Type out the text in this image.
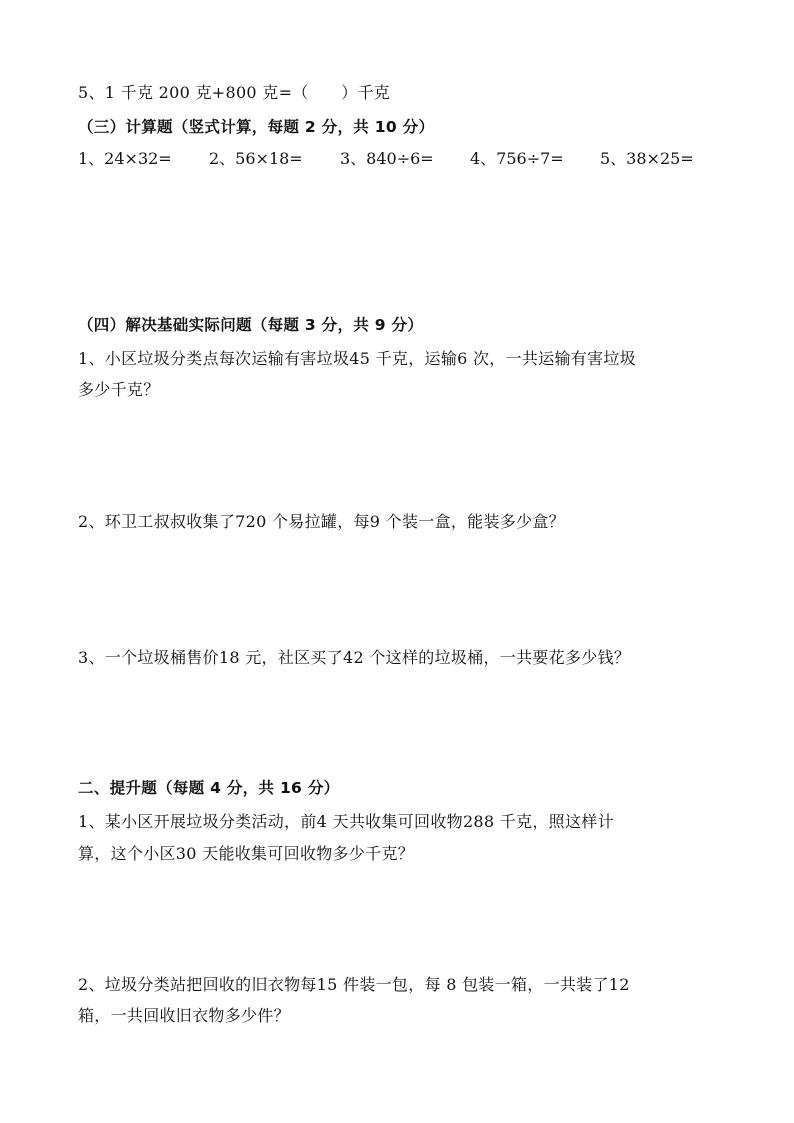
5、1 千克 200 克+800 克=（　　）千克
（三）计算题（竖式计算，每题 2 分，共 10 分）
1、24×32= 2、56×18= 3、840÷6= 4、756÷7= 5、38×25=
（四）解决基础实际问题（每题 3 分，共 9 分）
1、小区垃圾分类点每次运输有害垃圾45 千克，运输6 次，一共运输有害垃圾
多少千克？
2、环卫工叔叔收集了720 个易拉罐，每9 个装一盒，能装多少盒？
3、一个垃圾桶售价18 元，社区买了42 个这样的垃圾桶，一共要花多少钱？
二、提升题（每题 4 分，共 16 分）
1、某小区开展垃圾分类活动，前4 天共收集可回收物288 千克，照这样计
算，这个小区30 天能收集可回收物多少千克？
2、垃圾分类站把回收的旧衣物每15 件装一包，每 8 包装一箱，一共装了12
箱，一共回收旧衣物多少件？
